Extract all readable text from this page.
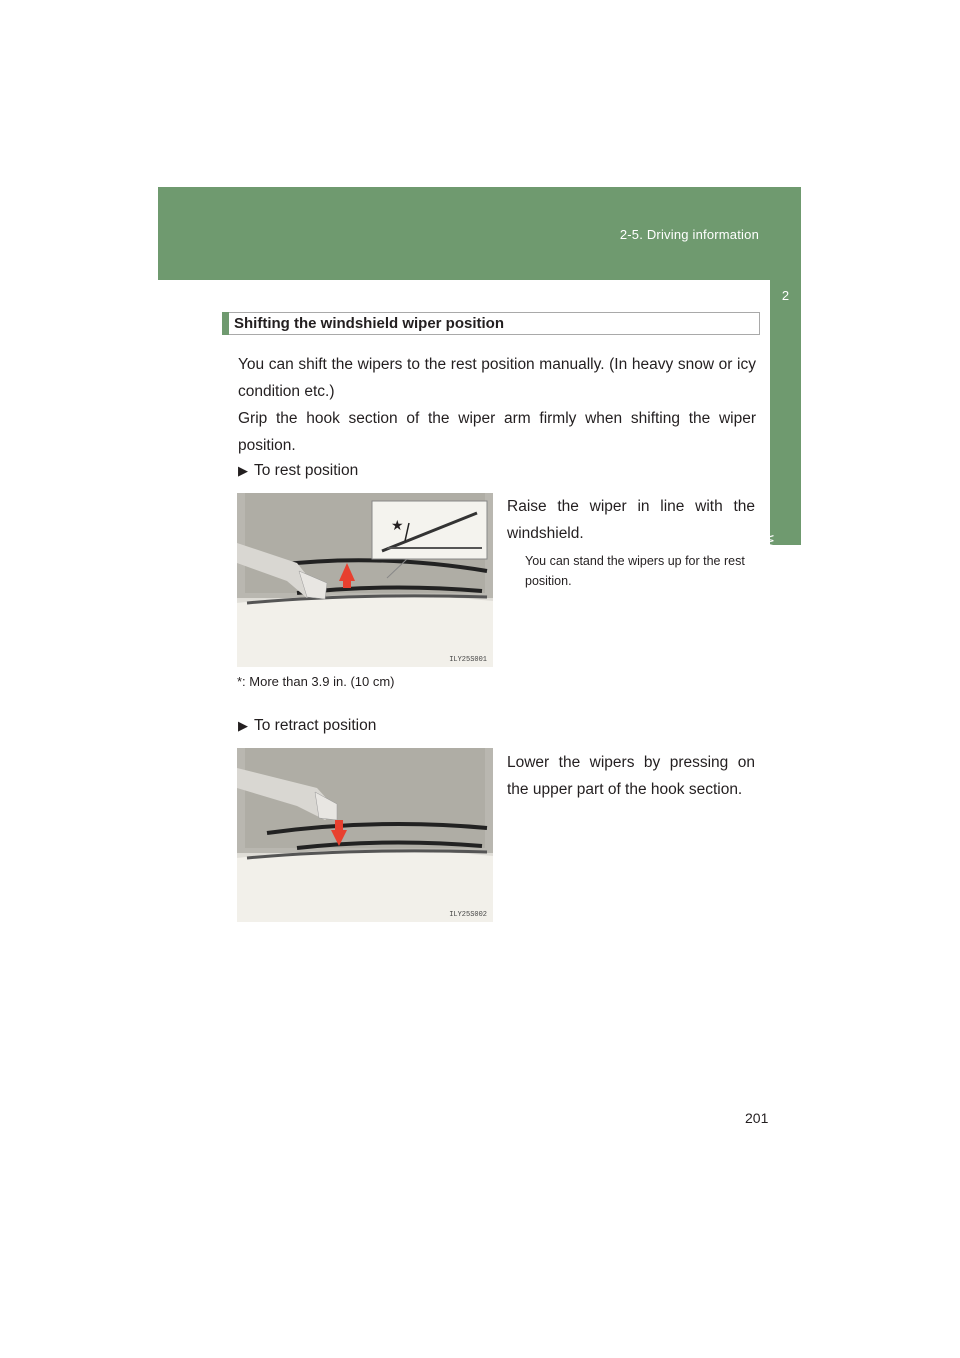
2-5. Driving information
2
When driving
Shifting the windshield wiper position
You can shift the wipers to the rest position manually. (In heavy snow or icy condition etc.)
Grip the hook section of the wiper arm firmly when shifting the wiper position.
▶ To rest position
★
ILY25S001
Raise the wiper in line with the windshield.
You can stand the wipers up for the rest position.
*: More than 3.9 in. (10 cm)
▶ To retract position
ILY25S002
Lower the wipers by pressing on the upper part of the hook section.
201
